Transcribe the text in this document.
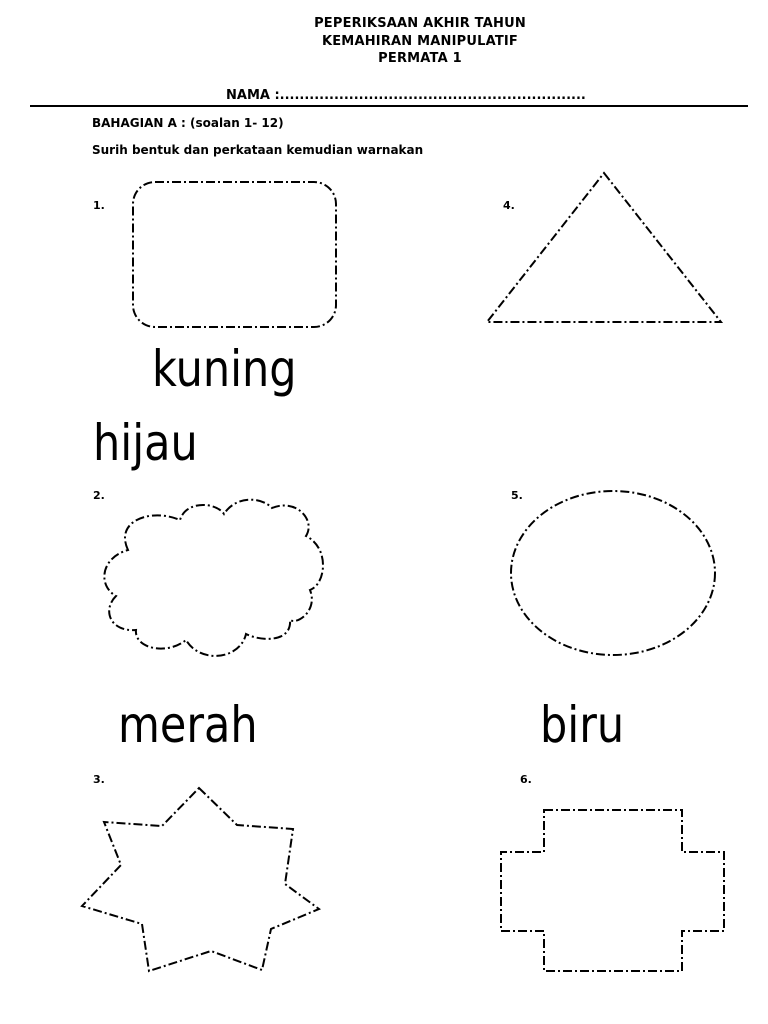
PEPERIKSAAN AKHIR TAHUN
KEMAHIRAN MANIPULATIF
PERMATA 1
NAMA :..............................................................
BAHAGIAN A : (soalan 1- 12)
Surih bentuk dan perkataan kemudian warnakan
1.
2.
3.
4.
5.
6.
kuning
hijau
merah	biru
